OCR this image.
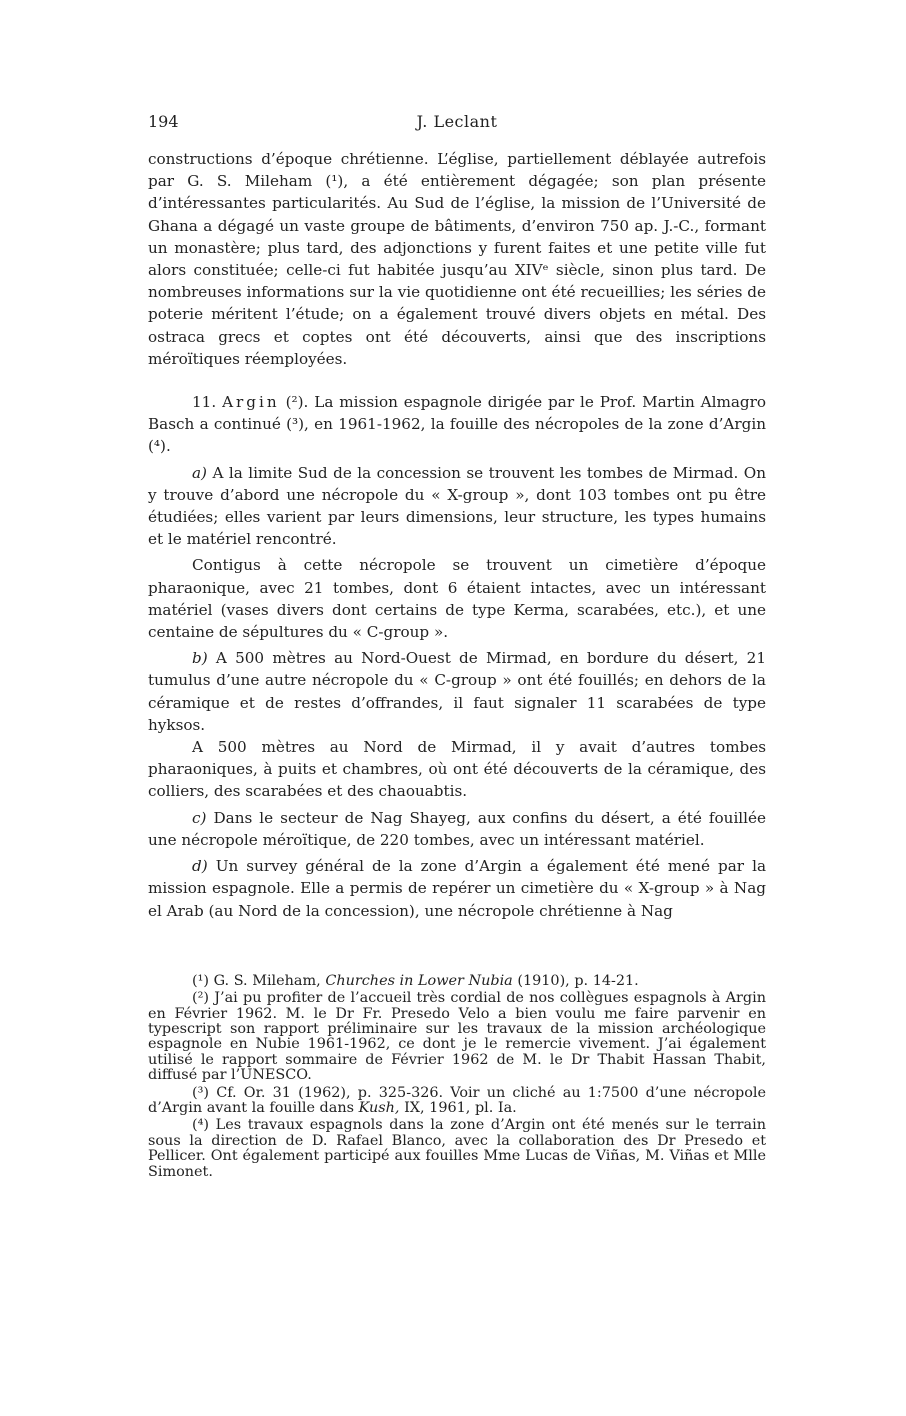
194	J. Leclant

constructions d’époque chrétienne. L’église, partiellement déblayée autrefois par G. S. Mileham (¹), a été entièrement dégagée; son plan présente d’intéressantes particularités. Au Sud de l’église, la mission de l’Université de Ghana a dégagé un vaste groupe de bâtiments, d’environ 750 ap. J.-C., formant un monastère; plus tard, des adjonctions y furent faites et une petite ville fut alors constituée; celle-ci fut habitée jusqu’au XIVᵉ siècle, sinon plus tard. De nombreuses informations sur la vie quotidienne ont été recueillies; les séries de poterie méritent l’étude; on a également trouvé divers objets en métal. Des ostraca grecs et coptes ont été découverts, ainsi que des inscriptions méroïtiques réemployées.

11. Argin (²). La mission espagnole dirigée par le Prof. Martin Almagro Basch a continué (³), en 1961-1962, la fouille des nécropoles de la zone d’Argin (⁴).

a) A la limite Sud de la concession se trouvent les tombes de Mirmad. On y trouve d’abord une nécropole du « X-group », dont 103 tombes ont pu être étudiées; elles varient par leurs dimensions, leur structure, les types humains et le matériel rencontré.

Contigus à cette nécropole se trouvent un cimetière d’époque pharaonique, avec 21 tombes, dont 6 étaient intactes, avec un intéressant matériel (vases divers dont certains de type Kerma, scarabées, etc.), et une centaine de sépultures du « C-group ».

b) A 500 mètres au Nord-Ouest de Mirmad, en bordure du désert, 21 tumulus d’une autre nécropole du « C-group » ont été fouillés; en dehors de la céramique et de restes d’offrandes, il faut signaler 11 scarabées de type hyksos.

A 500 mètres au Nord de Mirmad, il y avait d’autres tombes pharaoniques, à puits et chambres, où ont été découverts de la céramique, des colliers, des scarabées et des chaouabtis.

c) Dans le secteur de Nag Shayeg, aux confins du désert, a été fouillée une nécropole méroïtique, de 220 tombes, avec un intéressant matériel.

d) Un survey général de la zone d’Argin a également été mené par la mission espagnole. Elle a permis de repérer un cimetière du « X-group » à Nag el Arab (au Nord de la concession), une nécropole chrétienne à Nag

(¹) G. S. Mileham, Churches in Lower Nubia (1910), p. 14-21.

(²) J’ai pu profiter de l’accueil très cordial de nos collègues espagnols à Argin en Février 1962. M. le Dr Fr. Presedo Velo a bien voulu me faire parvenir en typescript son rapport préliminaire sur les travaux de la mission archéologique espagnole en Nubie 1961-1962, ce dont je le remercie vivement. J’ai également utilisé le rapport sommaire de Février 1962 de M. le Dr Thabit Hassan Thabit, diffusé par l’UNESCO.

(³) Cf. Or. 31 (1962), p. 325-326. Voir un cliché au 1:7500 d’une nécropole d’Argin avant la fouille dans Kush, IX, 1961, pl. Ia.

(⁴) Les travaux espagnols dans la zone d’Argin ont été menés sur le terrain sous la direction de D. Rafael Blanco, avec la collaboration des Dr Presedo et Pellicer. Ont également participé aux fouilles Mme Lucas de Viñas, M. Viñas et Mlle Simonet.
